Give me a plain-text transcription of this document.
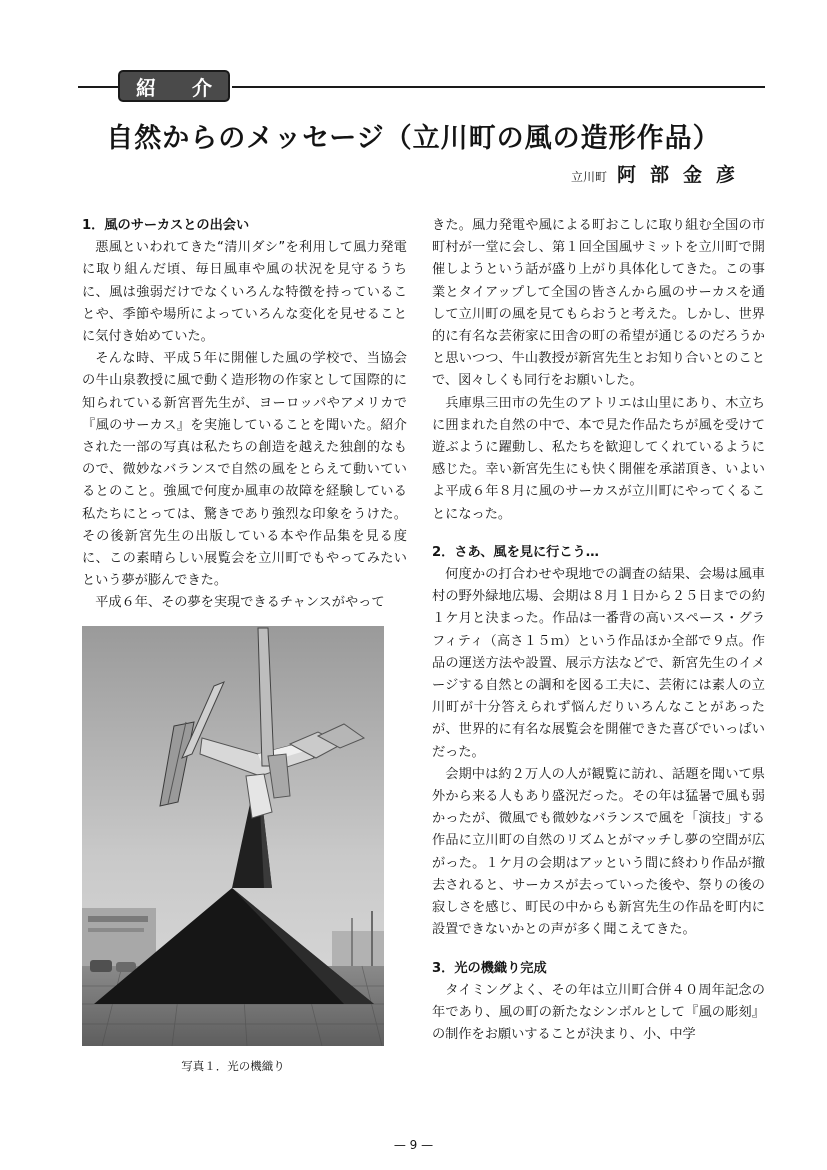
紹 介
自然からのメッセージ（立川町の風の造形作品）
立川町 阿部金彦
1．風のサーカスとの出会い

悪風といわれてきた“清川ダシ”を利用して風力発電に取り組んだ頃、毎日風車や風の状況を見守るうちに、風は強弱だけでなくいろんな特徴を持っていることや、季節や場所によっていろんな変化を見せることに気付き始めていた。

そんな時、平成５年に開催した風の学校で、当協会の牛山泉教授に風で動く造形物の作家として国際的に知られている新宮晋先生が、ヨーロッパやアメリカで『風のサーカス』を実施していることを聞いた。紹介された一部の写真は私たちの創造を越えた独創的なもので、微妙なバランスで自然の風をとらえて動いているとのこと。強風で何度か風車の故障を経験している私たちにとっては、驚きであり強烈な印象をうけた。その後新宮先生の出版している本や作品集を見る度に、この素晴らしい展覧会を立川町でもやってみたいという夢が膨んできた。

平成６年、その夢を実現できるチャンスがやって

写真１．光の機織り

きた。風力発電や風による町おこしに取り組む全国の市町村が一堂に会し、第１回全国風サミットを立川町で開催しようという話が盛り上がり具体化してきた。この事業とタイアップして全国の皆さんから風のサーカスを通して立川町の風を見てもらおうと考えた。しかし、世界的に有名な芸術家に田舎の町の希望が通じるのだろうかと思いつつ、牛山教授が新宮先生とお知り合いとのことで、図々しくも同行をお願いした。

兵庫県三田市の先生のアトリエは山里にあり、木立ちに囲まれた自然の中で、本で見た作品たちが風を受けて遊ぶように躍動し、私たちを歓迎してくれているように感じた。幸い新宮先生にも快く開催を承諾頂き、いよいよ平成６年８月に風のサーカスが立川町にやってくることになった。

2．さあ、風を見に行こう…

何度かの打合わせや現地での調査の結果、会場は風車村の野外緑地広場、会期は８月１日から２５日までの約１ケ月と決まった。作品は一番背の高いスペース・グラフィティ（高さ１５ｍ）という作品ほか全部で９点。作品の運送方法や設置、展示方法などで、新宮先生のイメージする自然との調和を図る工夫に、芸術には素人の立川町が十分答えられず悩んだりいろんなことがあったが、世界的に有名な展覧会を開催できた喜びでいっぱいだった。

会期中は約２万人の人が観覧に訪れ、話題を聞いて県外から来る人もあり盛況だった。その年は猛暑で風も弱かったが、微風でも微妙なバランスで風を「演技」する作品に立川町の自然のリズムとがマッチし夢の空間が広がった。１ケ月の会期はアッという間に終わり作品が撤去されると、サーカスが去っていった後や、祭りの後の寂しさを感じ、町民の中からも新宮先生の作品を町内に設置できないかとの声が多く聞こえてきた。

3．光の機織り完成

タイミングよく、その年は立川町合併４０周年記念の年であり、風の町の新たなシンボルとして『風の彫刻』の制作をお願いすることが決まり、小、中学

— 9 —
